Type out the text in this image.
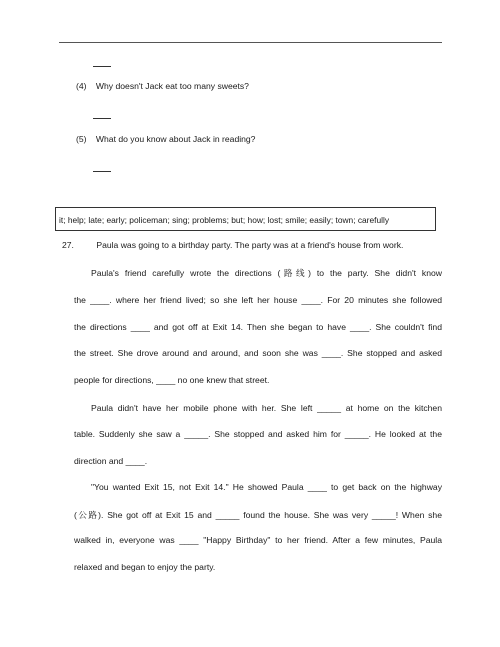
(4) Why doesn't Jack eat too many sweets?
(5) What do you know about Jack in reading?
it; help; late; early; policeman; sing; problems; but; how; lost; smile; easily; town; carefully
27.	Paula was going to a birthday party. The party was at a friend's house from work.
Paula's friend carefully wrote the directions (路线) to the party. She didn't know
the ____. where her friend lived; so she left her house ____. For 20 minutes she followed
the directions ____ and got off at Exit 14. Then she began to have ____. She couldn't find
the street. She drove around and around, and soon she was ____. She stopped and asked
people for directions, ____ no one knew that street.
Paula didn't have her mobile phone with her. She left _____ at home on the kitchen
table. Suddenly she saw a _____. She stopped and asked him for _____. He looked at the
direction and ____.
"You wanted Exit 15, not Exit 14." He showed Paula ____ to get back on the highway
(公路). She got off at Exit 15 and _____ found the house. She was very _____! When she
walked in, everyone was ____ "Happy Birthday" to her friend. After a few minutes, Paula
relaxed and began to enjoy the party.
